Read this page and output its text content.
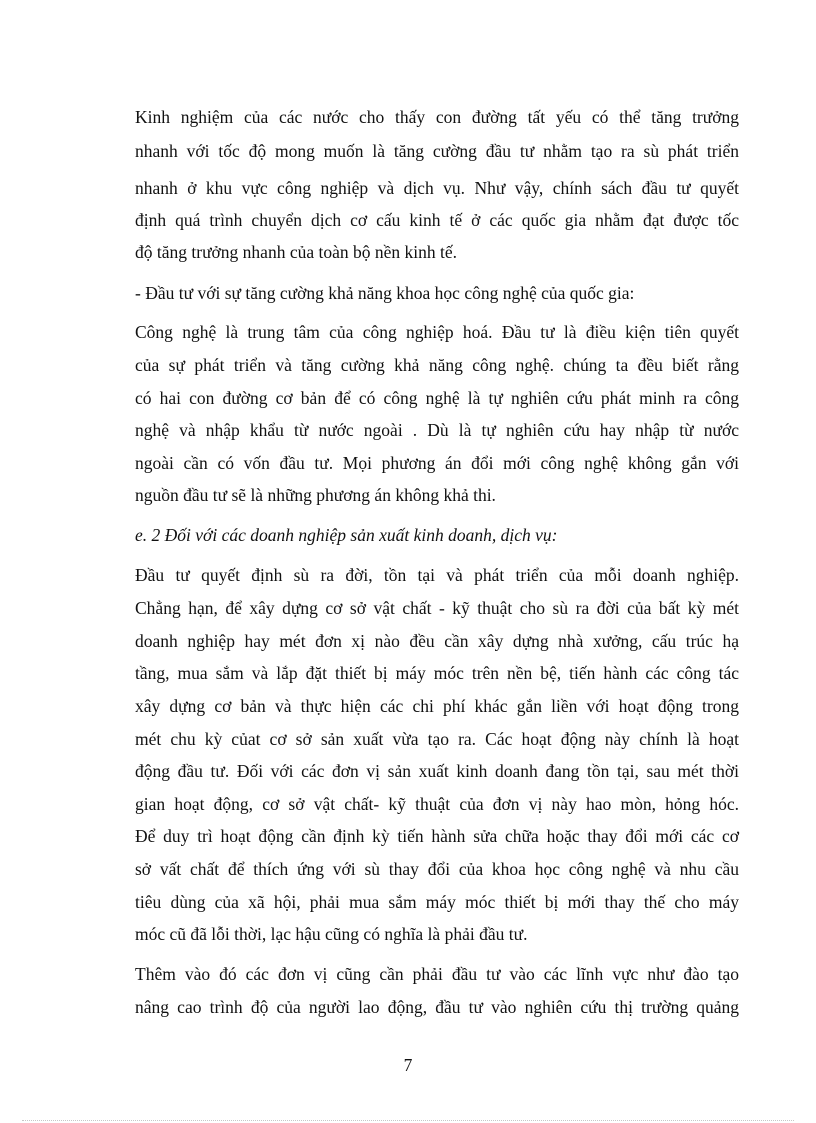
Kinh nghiệm của các nước cho thấy con đường tất yếu có thể tăng trưởng
nhanh với tốc độ mong muốn là tăng cường đầu tư nhằm tạo ra sù phát triển
nhanh ở khu vực công nghiệp và dịch vụ. Như vậy, chính sách đầu tư quyết
định quá trình chuyển dịch cơ cấu kinh tế ở các quốc gia nhằm đạt được tốc
độ tăng trưởng nhanh của toàn bộ nền kinh tế.
- Đầu tư với sự tăng cường khả năng khoa học công nghệ của quốc gia:
Công nghệ là trung tâm của công nghiệp hoá. Đầu tư là điều kiện tiên quyết
của sự phát triển và tăng cường khả năng công nghệ. chúng ta đều biết rằng
có hai con đường cơ bản để có công nghệ là tự nghiên cứu phát minh ra công
nghệ và nhập khẩu từ nước ngoài . Dù là tự nghiên cứu hay nhập từ nước
ngoài cần có vốn đầu tư. Mọi phương án đổi mới công nghệ không gắn với
nguồn đầu tư sẽ là những phương án không khả thi.
e. 2 Đối với các doanh nghiệp sản xuất kinh doanh, dịch vụ:
Đầu tư quyết định sù ra đời, tồn tại và phát triển của mỗi doanh nghiệp.
Chẳng hạn, để xây dựng cơ sở vật chất - kỹ thuật cho sù ra đời của bất kỳ mét
doanh nghiệp hay mét đơn xị nào đều cần xây dựng nhà xưởng, cấu trúc hạ
tầng, mua sắm và lắp đặt thiết bị máy móc trên nền bệ, tiến hành các công tác
xây dựng cơ bản và thực hiện các chi phí khác gắn liền với hoạt động trong
mét chu kỳ củat cơ sở sản xuất vừa tạo ra. Các hoạt động này chính là hoạt
động đầu tư. Đối với các đơn vị sản xuất kinh doanh đang tồn tại, sau mét thời
gian hoạt động, cơ sở vật chất- kỹ thuật của đơn vị này hao mòn, hỏng hóc.
Để duy trì hoạt động cần định kỳ tiến hành sửa chữa hoặc thay đổi mới các cơ
sở vất chất để thích ứng với sù thay đổi của khoa học công nghệ và nhu cầu
tiêu dùng của xã hội, phải mua sắm máy móc thiết bị mới thay thế cho máy
móc cũ đã lỗi thời, lạc hậu cũng có nghĩa là phải đầu tư.
Thêm vào đó các đơn vị cũng cần phải đầu tư vào các lĩnh vực như đào tạo
nâng cao trình độ của người lao động, đầu tư vào nghiên cứu thị trường quảng
7
